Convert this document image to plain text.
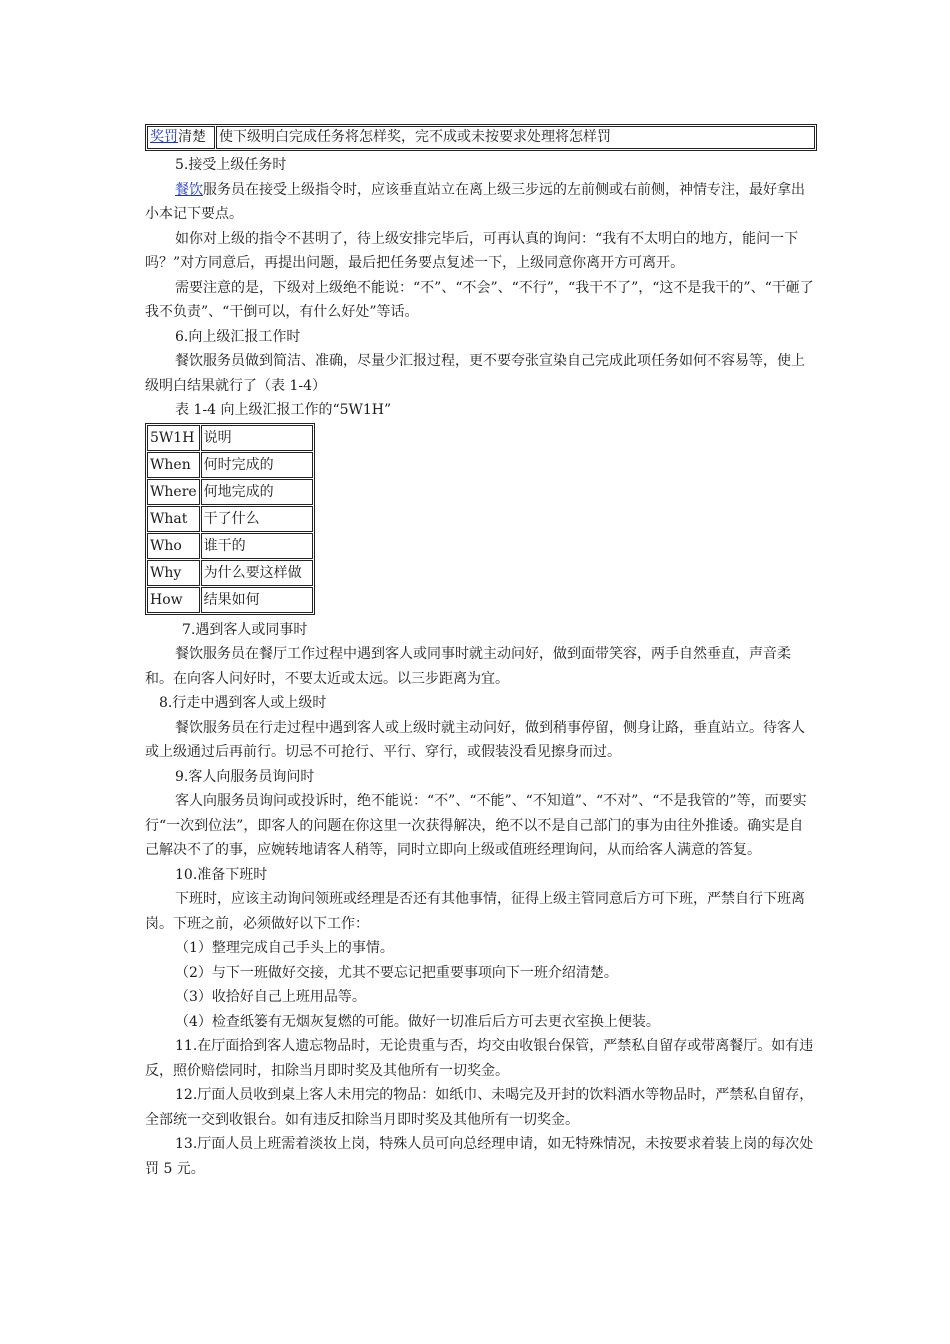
奖罚清楚	使下级明白完成任务将怎样奖，完不成或未按要求处理将怎样罚

5.接受上级任务时

餐饮服务员在接受上级指令时，应该垂直站立在离上级三步远的左前侧或右前侧，神情专注，最好拿出小本记下要点。

如你对上级的指令不甚明了，待上级安排完毕后，可再认真的询问：“我有不太明白的地方，能问一下吗？”对方同意后，再提出问题，最后把任务要点复述一下，上级同意你离开方可离开。

需要注意的是，下级对上级绝不能说：“不”、“不会”、“不行”，“我干不了”，“这不是我干的”、“干砸了我不负责”、“干倒可以，有什么好处”等话。

6.向上级汇报工作时

餐饮服务员做到简洁、准确，尽量少汇报过程，更不要夸张宣染自己完成此项任务如何不容易等，使上级明白结果就行了（表 1-4）

表 1-4 向上级汇报工作的“5W1H”

5W1H	说明
When	何时完成的
Where	何地完成的
What	干了什么
Who	谁干的
Why	为什么要这样做
How	结果如何

7.遇到客人或同事时

餐饮服务员在餐厅工作过程中遇到客人或同事时就主动问好，做到面带笑容，两手自然垂直，声音柔和。在向客人问好时，不要太近或太远。以三步距离为宜。

8.行走中遇到客人或上级时

餐饮服务员在行走过程中遇到客人或上级时就主动问好，做到稍事停留，侧身让路，垂直站立。待客人或上级通过后再前行。切忌不可抢行、平行、穿行，或假装没看见擦身而过。

9.客人向服务员询问时

客人向服务员询问或投诉时，绝不能说：“不”、“不能”、“不知道”、“不对”、“不是我管的”等，而要实行“一次到位法”，即客人的问题在你这里一次获得解决，绝不以不是自己部门的事为由往外推诿。确实是自己解决不了的事，应婉转地请客人稍等，同时立即向上级或值班经理询问，从而给客人满意的答复。

10.准备下班时

下班时，应该主动询问领班或经理是否还有其他事情，征得上级主管同意后方可下班，严禁自行下班离岗。下班之前，必须做好以下工作：

（1）整理完成自己手头上的事情。

（2）与下一班做好交接，尤其不要忘记把重要事项向下一班介绍清楚。

（3）收拾好自己上班用品等。

（4）检查纸篓有无烟灰复燃的可能。做好一切准后后方可去更衣室换上便装。

11.在厅面拾到客人遗忘物品时，无论贵重与否，均交由收银台保管，严禁私自留存或带离餐厅。如有违反，照价赔偿同时，扣除当月即时奖及其他所有一切奖金。

12.厅面人员收到桌上客人未用完的物品：如纸巾、未喝完及开封的饮料酒水等物品时，严禁私自留存，全部统一交到收银台。如有违反扣除当月即时奖及其他所有一切奖金。

13.厅面人员上班需着淡妆上岗，特殊人员可向总经理申请，如无特殊情况，未按要求着装上岗的每次处罚 5 元。
